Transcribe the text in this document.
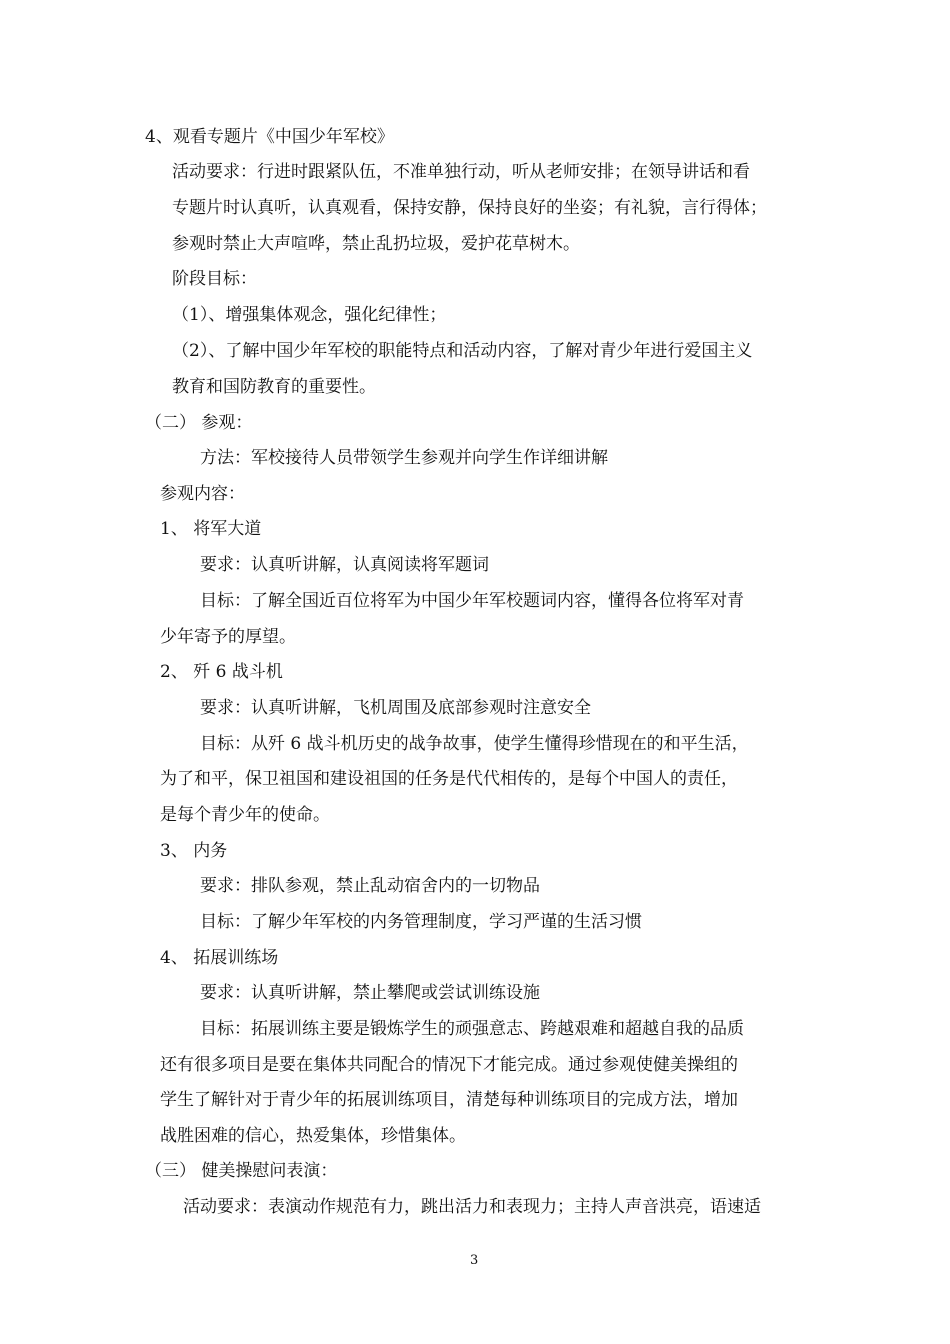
4、观看专题片《中国少年军校》

活动要求：行进时跟紧队伍，不准单独行动，听从老师安排；在领导讲话和看

专题片时认真听，认真观看，保持安静，保持良好的坐姿；有礼貌，言行得体；

参观时禁止大声喧哗，禁止乱扔垃圾，爱护花草树木。

阶段目标：

（1）、增强集体观念，强化纪律性；

（2）、了解中国少年军校的职能特点和活动内容，了解对青少年进行爱国主义

教育和国防教育的重要性。

（二） 参观：

方法：军校接待人员带领学生参观并向学生作详细讲解

参观内容：

1、 将军大道

要求：认真听讲解，认真阅读将军题词

目标：了解全国近百位将军为中国少年军校题词内容，懂得各位将军对青

少年寄予的厚望。

2、 歼 6 战斗机

要求：认真听讲解，飞机周围及底部参观时注意安全

目标：从歼 6 战斗机历史的战争故事，使学生懂得珍惜现在的和平生活，

为了和平，保卫祖国和建设祖国的任务是代代相传的，是每个中国人的责任，

是每个青少年的使命。

3、 内务

要求：排队参观，禁止乱动宿舍内的一切物品

目标：了解少年军校的内务管理制度，学习严谨的生活习惯

4、 拓展训练场

要求：认真听讲解，禁止攀爬或尝试训练设施

目标：拓展训练主要是锻炼学生的顽强意志、跨越艰难和超越自我的品质

还有很多项目是要在集体共同配合的情况下才能完成。通过参观使健美操组的

学生了解针对于青少年的拓展训练项目，清楚每种训练项目的完成方法，增加

战胜困难的信心，热爱集体，珍惜集体。

（三） 健美操慰问表演：

活动要求：表演动作规范有力，跳出活力和表现力；主持人声音洪亮，语速适

3
